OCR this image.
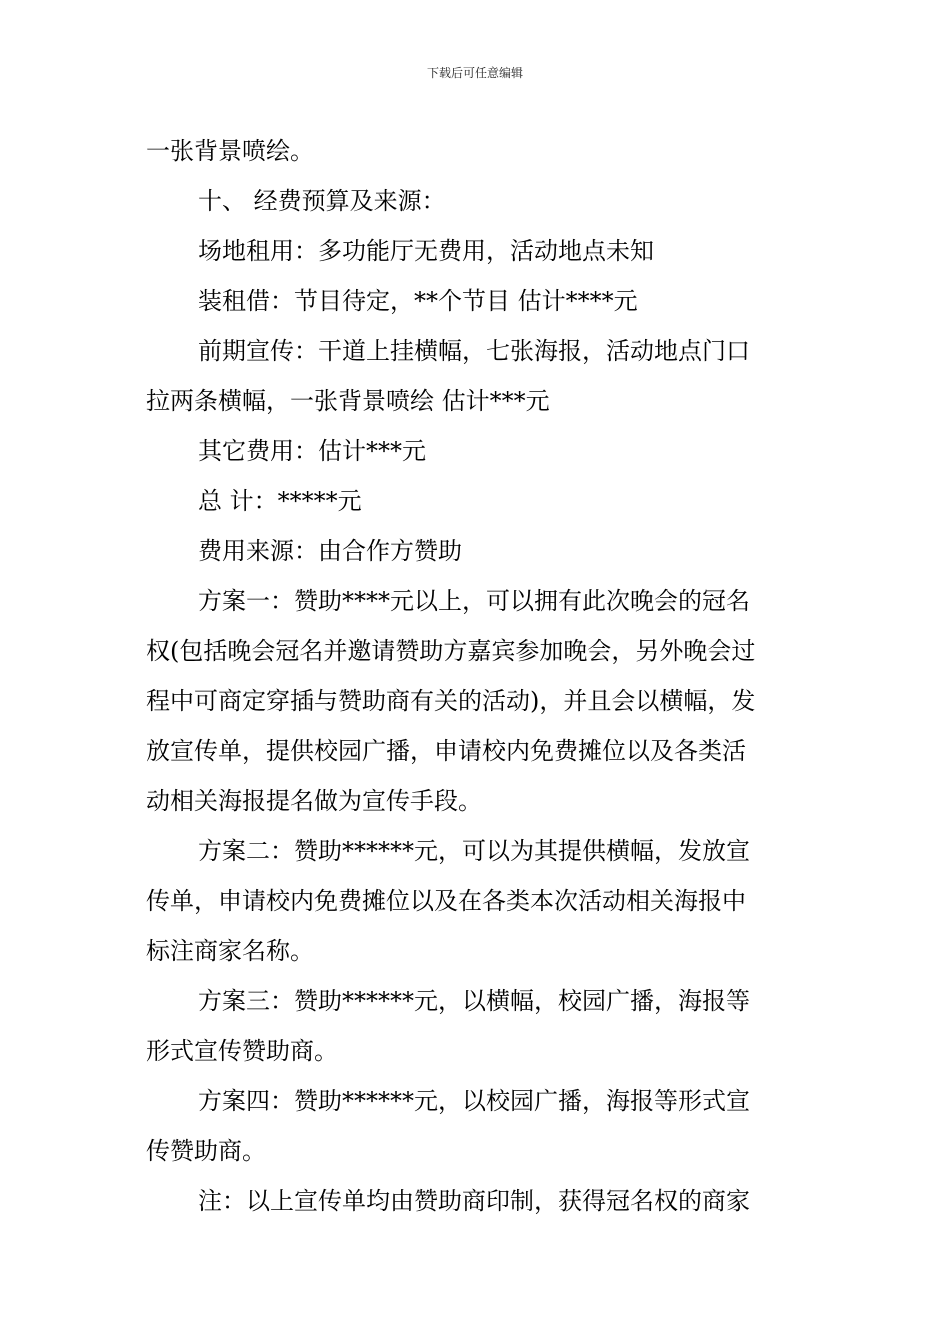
下载后可任意编辑

一张背景喷绘。

十、 经费预算及来源：

场地租用：多功能厅无费用，活动地点未知

装租借：节目待定，**个节目 估计****元

前期宣传：干道上挂横幅，七张海报，活动地点门口

拉两条横幅，一张背景喷绘 估计***元

其它费用：估计***元

总 计：*****元

费用来源：由合作方赞助

方案一：赞助****元以上，可以拥有此次晚会的冠名

权(包括晚会冠名并邀请赞助方嘉宾参加晚会，另外晚会过

程中可商定穿插与赞助商有关的活动)，并且会以横幅，发

放宣传单，提供校园广播，申请校内免费摊位以及各类活

动相关海报提名做为宣传手段。

方案二：赞助******元，可以为其提供横幅，发放宣

传单，申请校内免费摊位以及在各类本次活动相关海报中

标注商家名称。

方案三：赞助******元，以横幅，校园广播，海报等

形式宣传赞助商。

方案四：赞助******元，以校园广播，海报等形式宣

传赞助商。

注：以上宣传单均由赞助商印制，获得冠名权的商家
